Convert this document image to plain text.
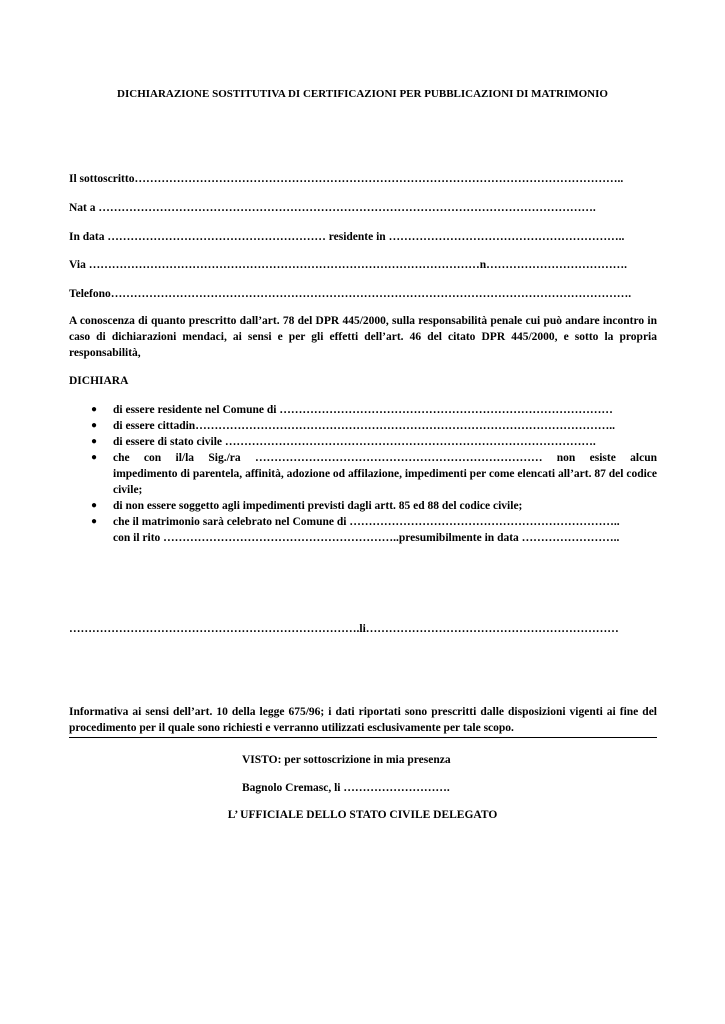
DICHIARAZIONE SOSTITUTIVA DI CERTIFICAZIONI PER PUBBLICAZIONI DI MATRIMONIO
Il sottoscritto………………………………………………………………………………………………………………..
Nat a ………………………………………………………………………………………………………………….
In data ………………………………………………… residente in ……………………………………………………..
Via …………………………………………………………………………………………n……………………………….
Telefono……………………………………………………………………………………………………………………….
A conoscenza di quanto prescritto dall’art. 78 del DPR 445/2000, sulla responsabilità penale cui può andare incontro in caso di dichiarazioni mendaci, ai sensi e per gli effetti dell’art. 46 del citato DPR 445/2000, e sotto la propria responsabilità,
DICHIARA
● di essere residente nel Comune di ……………………………………………………………………………
● di essere cittadin………………………………………………………………………………………………..
● di essere di stato civile …………………………………………………………………………………….
● che con il/la Sig./ra ………………………………………………………………… non esiste alcun
impedimento di parentela, affinità, adozione od affilazione, impedimenti per come elencati all’art. 87 del codice civile;
● di non essere soggetto agli impedimenti previsti dagli artt. 85 ed 88 del codice civile;
● che il matrimonio sarà celebrato nel Comune di ……………………………………………………………..
con il rito ……………………………………………………..presumibilmente in data ……………………..
………………………………………………………………….li…………………………………………………………
Informativa ai sensi dell’art. 10 della legge 675/96; i dati riportati sono prescritti dalle disposizioni vigenti ai fine del procedimento per il quale sono richiesti e verranno utilizzati esclusivamente per tale scopo.
VISTO: per sottoscrizione in mia presenza
Bagnolo Cremasc, li ……………………….
L’ UFFICIALE DELLO STATO CIVILE DELEGATO
